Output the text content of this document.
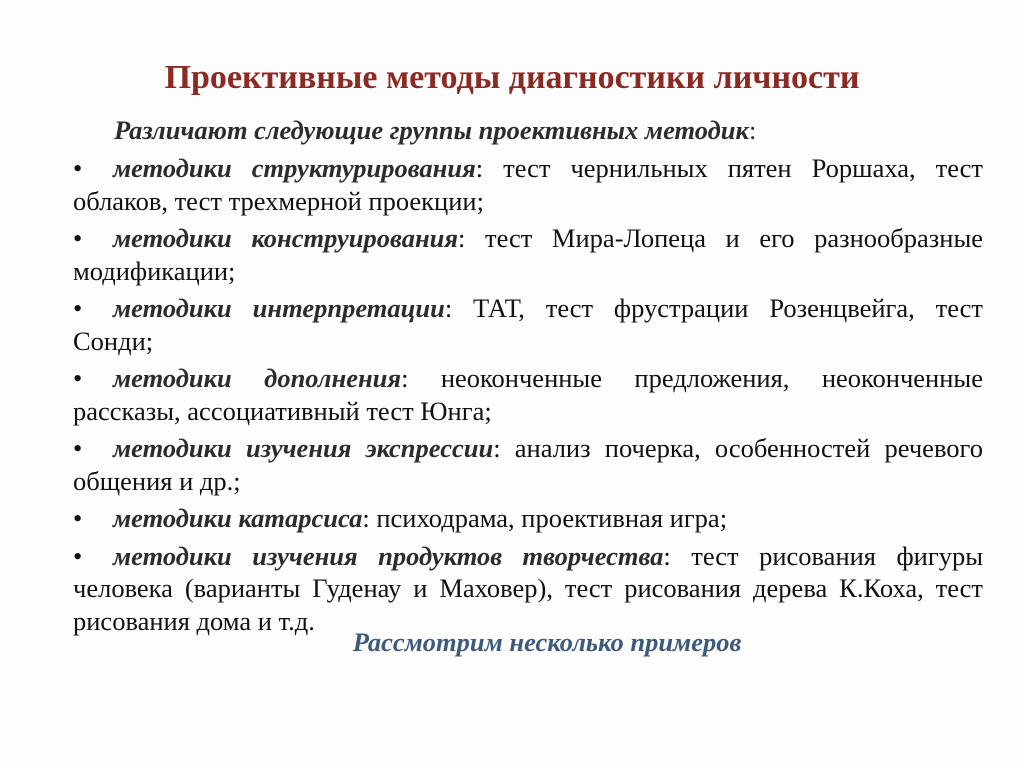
Проективные методы диагностики личности
Различают следующие группы проективных методик:
• методики структурирования: тест чернильных пятен Роршаха, тест облаков, тест трехмерной проекции;
• методики конструирования: тест Мира-Лопеца и его разнообразные модификации;
• методики интерпретации: ТАТ, тест фрустрации Розенцвейга, тест Сонди;
• методики дополнения: неоконченные предложения, неоконченные рассказы, ассоциативный тест Юнга;
• методики изучения экспрессии: анализ почерка, особенностей речевого общения и др.;
• методики катарсиса: психодрама, проективная игра;
• методики изучения продуктов творчества: тест рисования фигуры человека (варианты Гуденау и Маховер), тест рисования дерева К.Коха, тест рисования дома и т.д.
Рассмотрим несколько примеров
